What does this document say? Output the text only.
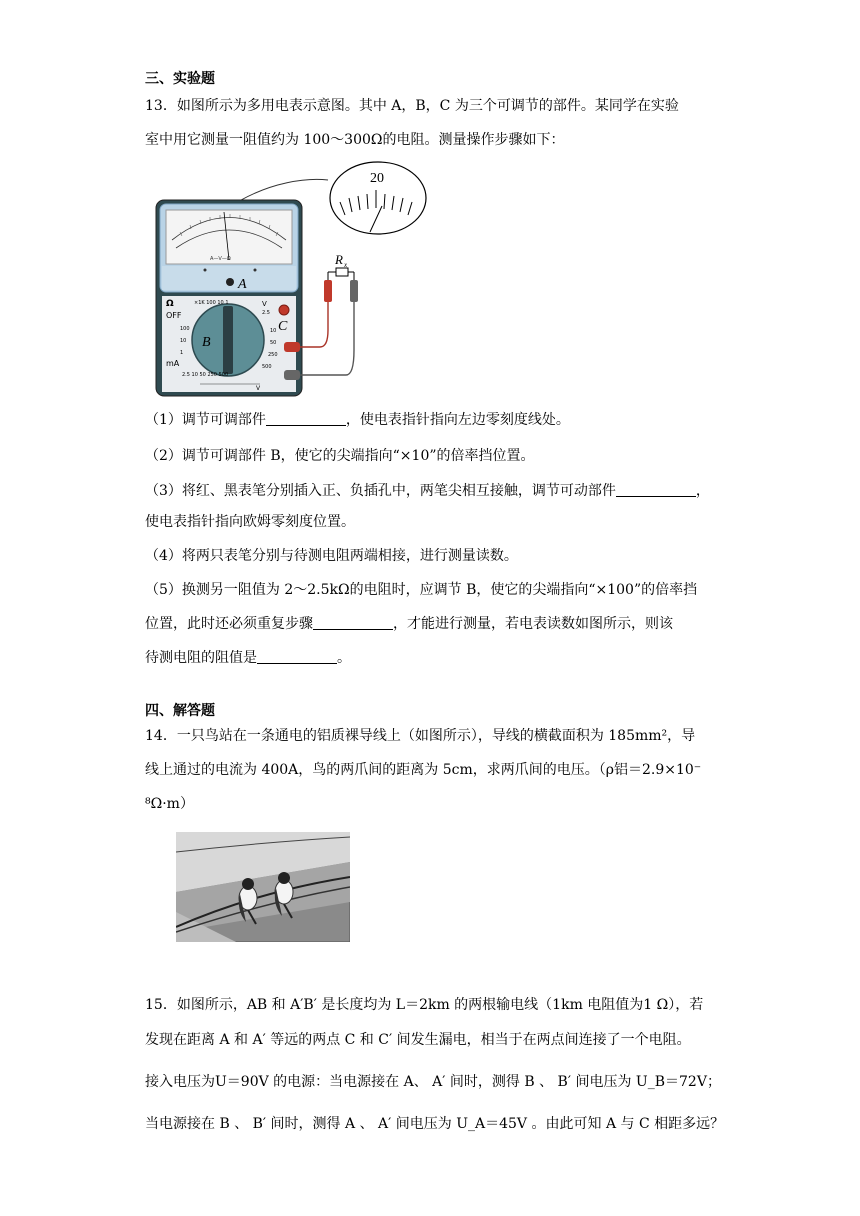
三、实验题
13．如图所示为多用电表示意图。其中 A，B，C 为三个可调节的部件。某同学在实验
室中用它测量一阻值约为 100～300Ω的电阻。测量操作步骤如下：
20
A—V—Ω
A
B
Ω
OFF
×1K 100 10 1
100
10
1
mA
V
2.5
10
50
250
500
2.5 10 50 250 500
V
C
R x
（1）调节可调部件	，使电表指针指向左边零刻度线处。
（2）调节可调部件 B，使它的尖端指向“×10”的倍率挡位置。
（3）将红、黑表笔分别插入正、负插孔中，两笔尖相互接触，调节可动部件	，
使电表指针指向欧姆零刻度位置。
（4）将两只表笔分别与待测电阻两端相接，进行测量读数。
（5）换测另一阻值为 2～2.5kΩ的电阻时，应调节 B，使它的尖端指向“×100”的倍率挡
位置，此时还必须重复步骤	，才能进行测量，若电表读数如图所示，则该
待测电阻的阻值是	。
四、解答题
14．一只鸟站在一条通电的铝质裸导线上（如图所示），导线的横截面积为 185mm²，导
线上通过的电流为 400A，鸟的两爪间的距离为 5cm，求两爪间的电压。（ρ铝＝2.9×10⁻
⁸Ω·m）
15．如图所示，AB 和 A′B′ 是长度均为 L＝2km 的两根输电线（1km 电阻值为1 Ω），若
发现在距离 A 和 A′ 等远的两点 C 和 C′ 间发生漏电，相当于在两点间连接了一个电阻。
接入电压为U＝90V 的电源：当电源接在 A、 A′ 间时，测得 B 、 B′ 间电压为 U_B＝72V；
当电源接在 B 、 B′ 间时，测得 A 、 A′ 间电压为 U_A＝45V 。由此可知 A 与 C 相距多远？
